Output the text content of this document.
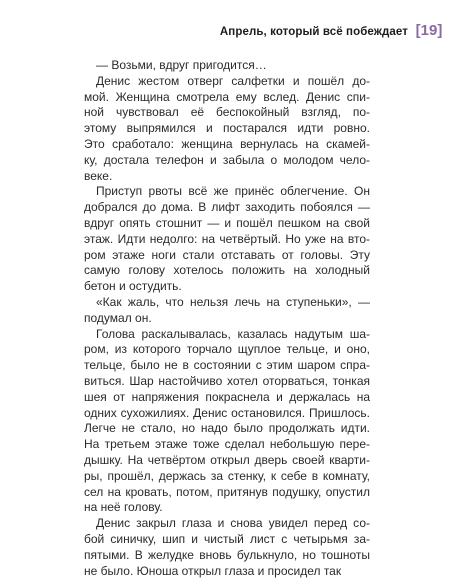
Апрель, который всё побеждает [19]

— Возьми, вдруг пригодится…

Денис жестом отверг салфетки и пошёл до-
мой. Женщина смотрела ему вслед. Денис спи-
ной чувствовал её беспокойный взгляд, по-
этому выпрямился и постарался идти ровно.
Это сработало: женщина вернулась на скамей-
ку, достала телефон и забыла о молодом чело-
веке.

Приступ рвоты всё же принёс облегчение. Он
добрался до дома. В лифт заходить побоялся —
вдруг опять стошнит — и пошёл пешком на свой
этаж. Идти недолго: на четвёртый. Но уже на вто-
ром этаже ноги стали отставать от головы. Эту
самую голову хотелось положить на холодный
бетон и остудить.

«Как жаль, что нельзя лечь на ступеньки», —
подумал он.

Голова раскалывалась, казалась надутым ша-
ром, из которого торчало щуплое тельце, и оно,
тельце, было не в состоянии с этим шаром спра-
виться. Шар настойчиво хотел оторваться, тонкая
шея от напряжения покраснела и держалась на
одних сухожилиях. Денис остановился. Пришлось.
Легче не стало, но надо было продолжать идти.
На третьем этаже тоже сделал небольшую пере-
дышку. На четвёртом открыл дверь своей кварти-
ры, прошёл, держась за стенку, к себе в комнату,
сел на кровать, потом, притянув подушку, опустил
на неё голову.

Денис закрыл глаза и снова увидел перед со-
бой синичку, шип и чистый лист с четырьмя за-
пятыми. В желудке вновь булькнуло, но тошноты
не было. Юноша открыл глаза и просидел так
